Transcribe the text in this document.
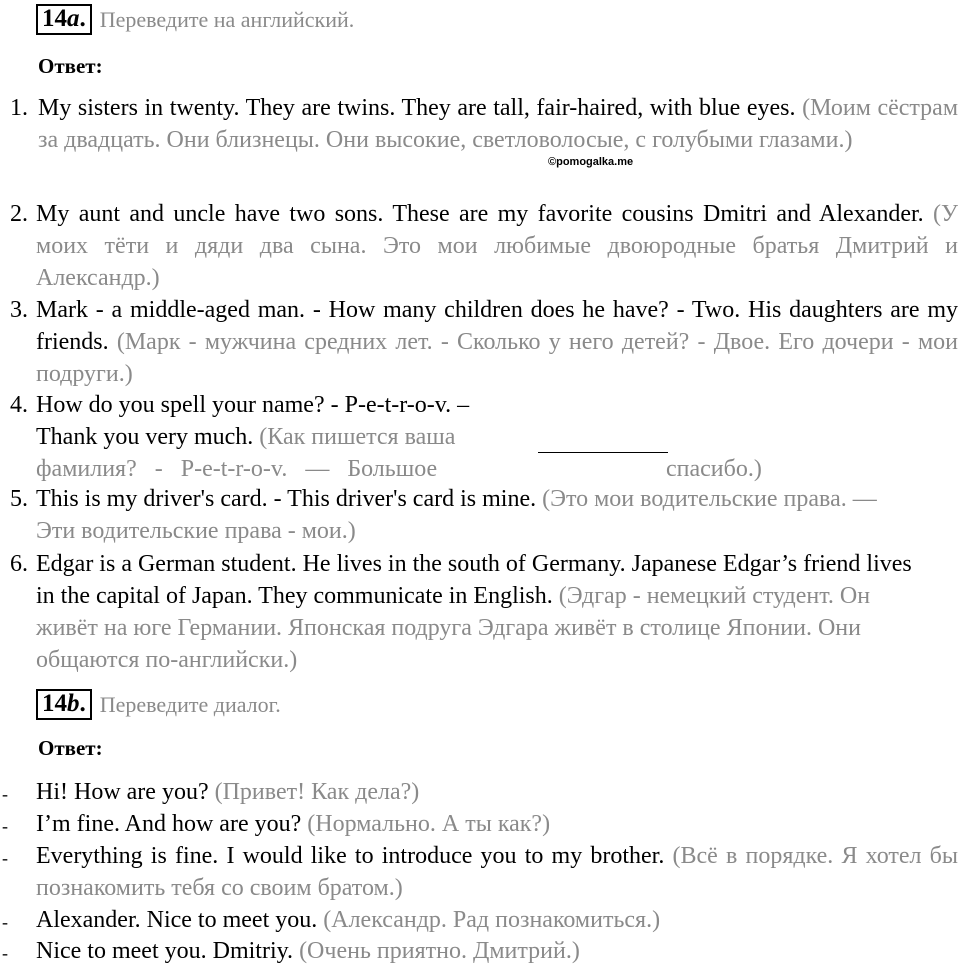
14a. Переведите на английский.
Ответ:
1. My sisters in twenty. They are twins. They are tall, fair-haired, with blue eyes. (Моим сёстрам за двадцать. Они близнецы. Они высокие, светловолосые, с голубыми глазами.)
©pomogalka.me
2. My aunt and uncle have two sons. These are my favorite cousins Dmitri and Alexander. (У моих тёти и дяди два сына. Это мои любимые двоюродные братья Дмитрий и Александр.)
3. Mark - a middle-aged man. - How many children does he have? - Two. His daughters are my friends. (Марк - мужчина средних лет. - Сколько у него детей? - Двое. Его дочери - мои подруги.)
4. How do you spell your name? - P-e-t-r-o-v. –
Thank you very much. (Как пишется ваша
фамилия?   -   P-e-t-r-o-v.   —   Большое	спасибо.)
5. This is my driver's card. - This driver's card is mine. (Это мои водительские права. — Эти водительские права - мои.)
6. Edgar is a German student. He lives in the south of Germany. Japanese Edgar’s friend lives in the capital of Japan. They communicate in English. (Эдгар - немецкий студент. Он живёт на юге Германии. Японская подруга Эдгара живёт в столице Японии. Они общаются по-английски.)
14b. Переведите диалог.
Ответ:
- Hi! How are you? (Привет! Как дела?)
- I’m fine. And how are you? (Нормально. А ты как?)
- Everything is fine. I would like to introduce you to my brother. (Всё в порядке. Я хотел бы познакомить тебя со своим братом.)
- Alexander. Nice to meet you. (Александр. Рад познакомиться.)
- Nice to meet you. Dmitriy. (Очень приятно. Дмитрий.)
